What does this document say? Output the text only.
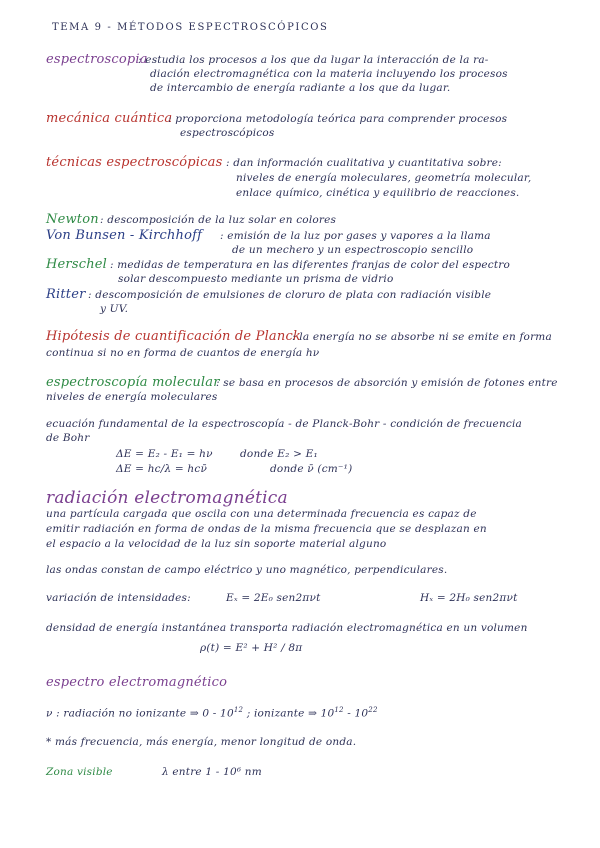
TEMA 9 - MÉTODOS ESPECTROSCÓPICOS
espectroscopia
: estudia los procesos a los que da lugar la interacción de la ra-
diación electromagnética con la materia incluyendo los procesos
de intercambio de energía radiante a los que da lugar.
mecánica cuántica
: proporciona metodología teórica para comprender procesos
espectroscópicos
técnicas espectroscópicas : dan información cualitativa y cuantitativa sobre:
niveles de energía moleculares, geometría molecular,
enlace químico, cinética y equilibrio de reacciones.
Newton : descomposición de la luz solar en colores
Von Bunsen - Kirchhoff : emisión de la luz por gases y vapores a la llama
de un mechero y un espectroscopio sencillo
Herschel : medidas de temperatura en las diferentes franjas de color del espectro
solar descompuesto mediante un prisma de vidrio
Ritter : descomposición de emulsiones de cloruro de plata con radiación visible
y UV.
Hipótesis de cuantificación de Planck
: la energía no se absorbe ni se emite en forma
continua si no en forma de cuantos de energía hν
espectroscopía molecular
: se basa en procesos de absorción y emisión de fotones entre
niveles de energía moleculares
ecuación fundamental de la espectroscopía - de Planck-Bohr - condición de frecuencia
de Bohr
ΔE = E₂ - E₁ = hν	donde E₂ > E₁
ΔE = hc/λ = hcν̄	donde ν̄ (cm⁻¹)
radiación electromagnética
una partícula cargada que oscila con una determinada frecuencia es capaz de
emitir radiación en forma de ondas de la misma frecuencia que se desplazan en
el espacio a la velocidad de la luz sin soporte material alguno
las ondas constan de campo eléctrico y uno magnético, perpendiculares.
variación de intensidades:	Eₓ = 2E₀ sen2πνt	Hₓ = 2H₀ sen2πνt
densidad de energía instantánea transporta radiación electromagnética en un volumen
ρ(t) = E² + H² / 8π
espectro electromagnético
ν : radiación no ionizante ⇒ $0 - 10^{12}$ ; ionizante ⇒ $10^{12} - 10^{22}$
* más frecuencia, más energía, menor longitud de onda.
Zona visible	λ entre 1 - 10⁶ nm
